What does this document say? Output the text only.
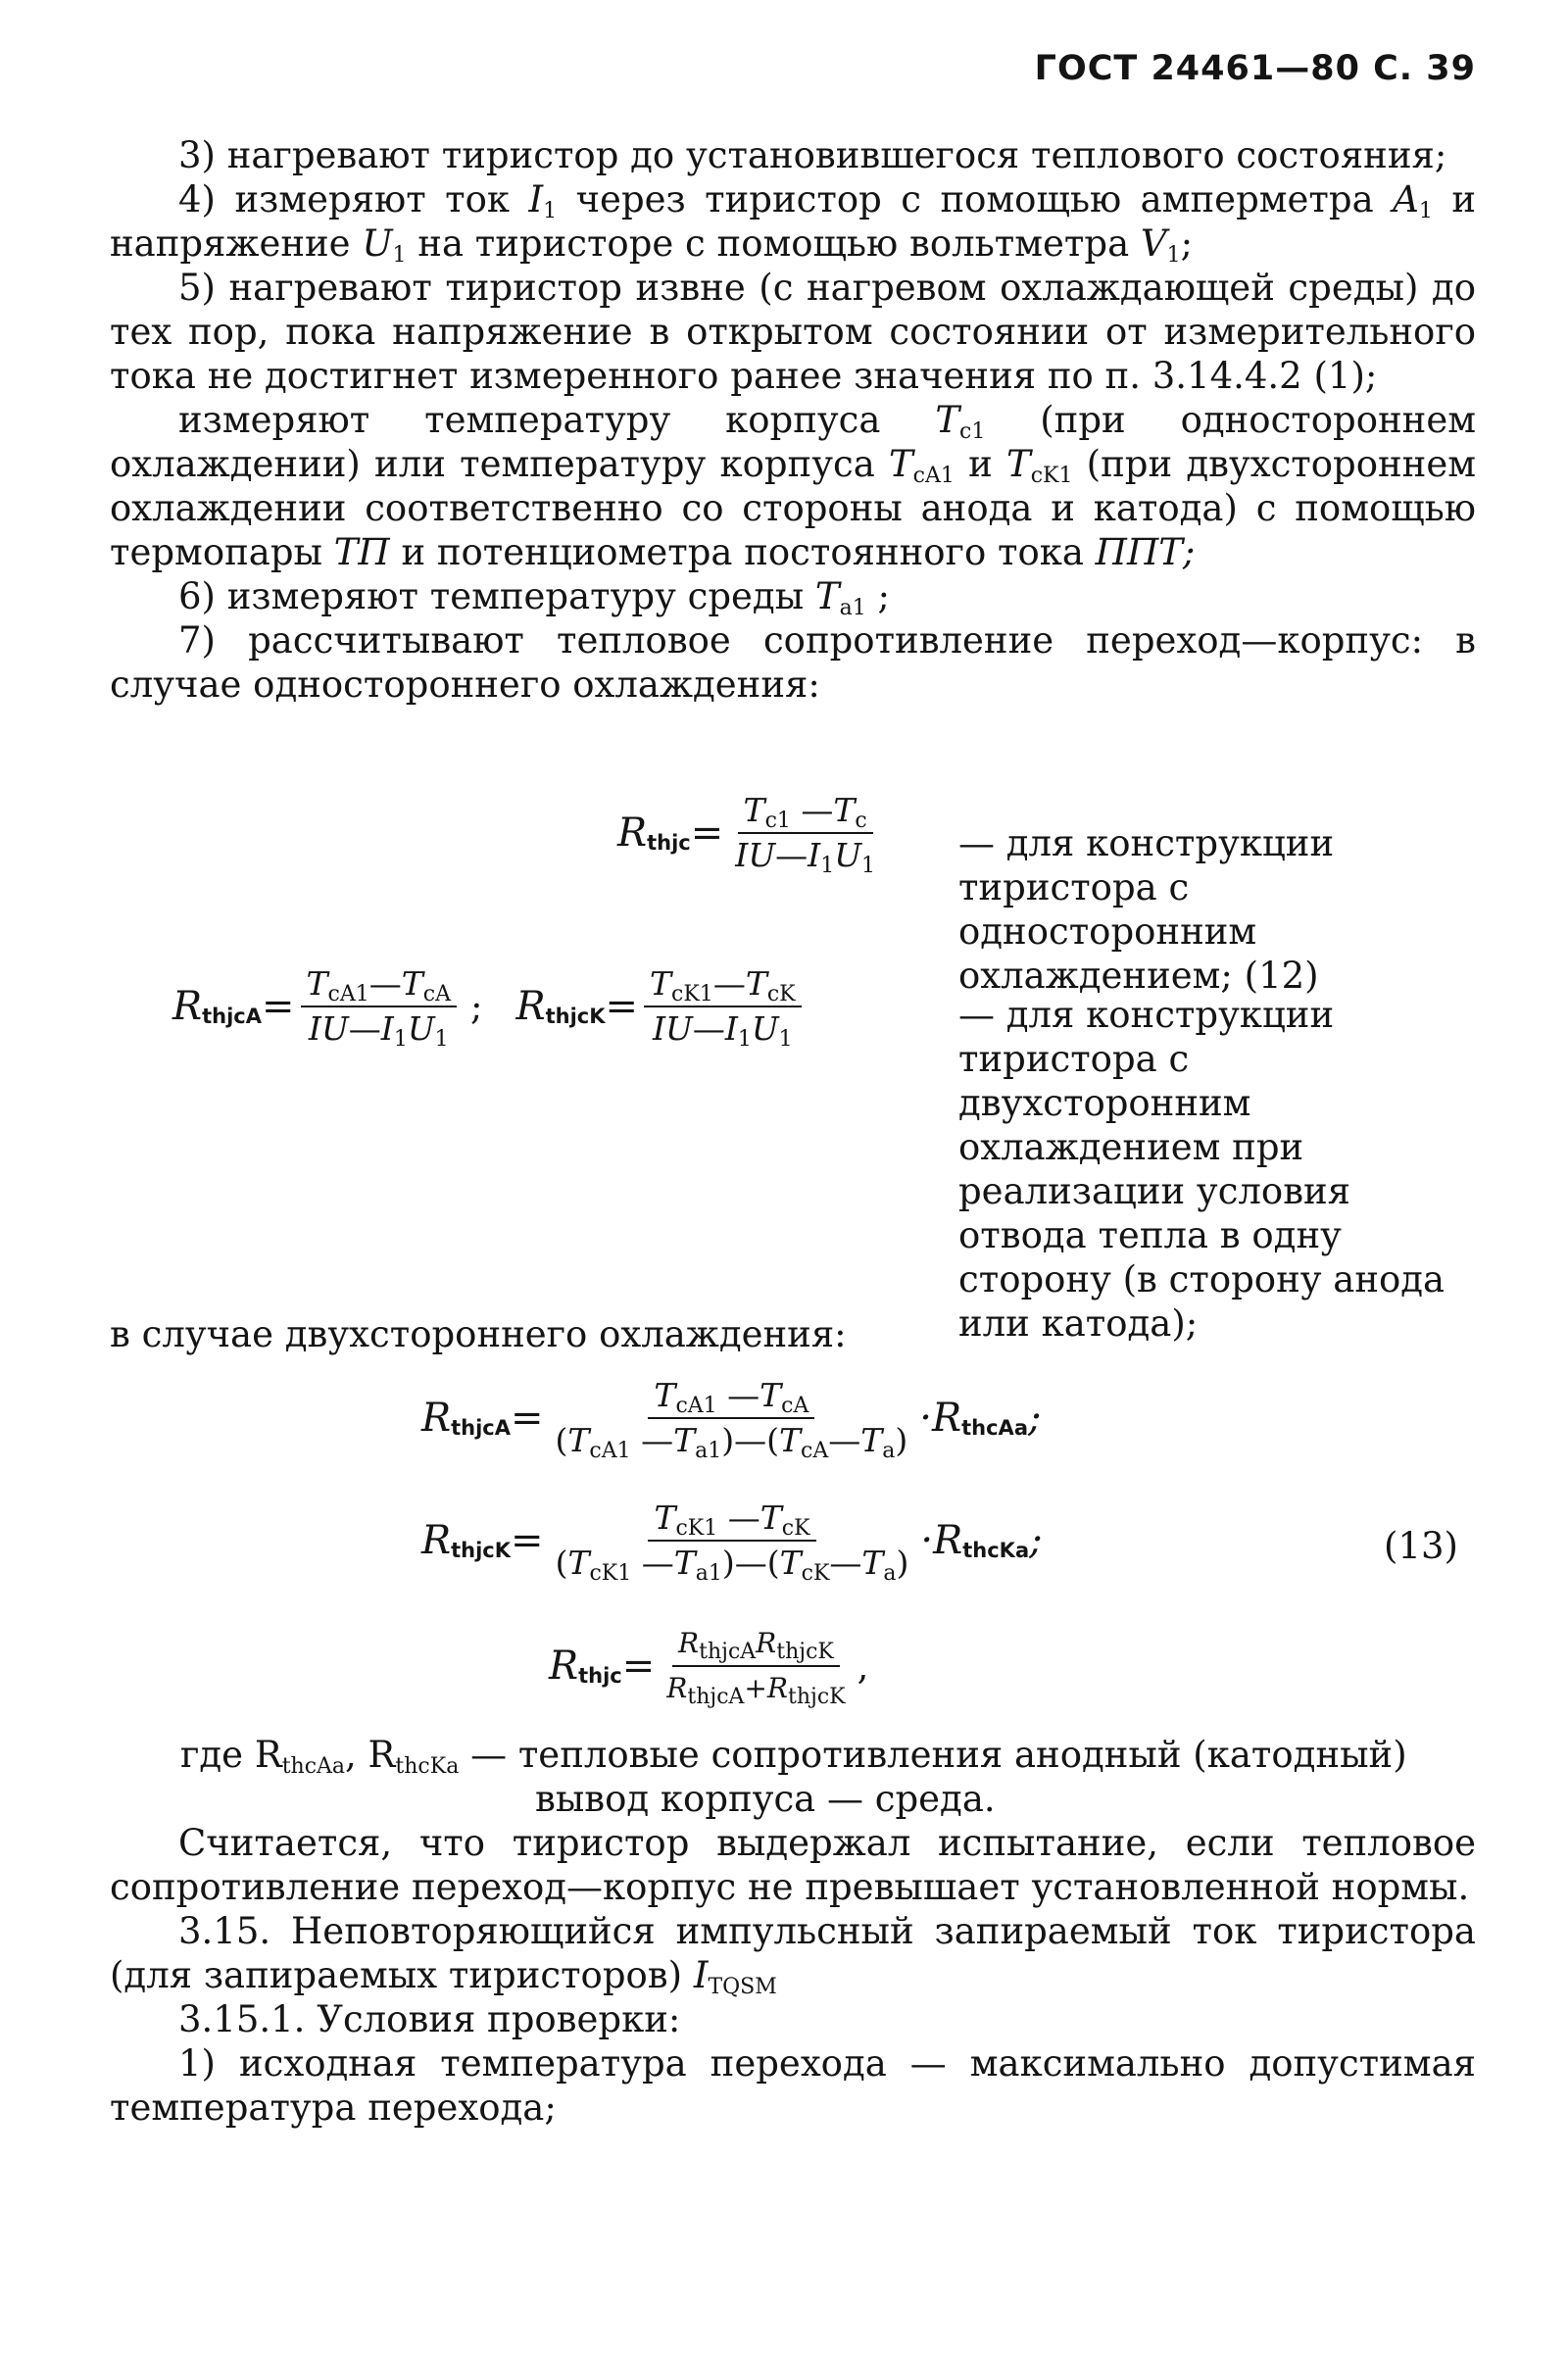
ГОСТ 24461—80 С. 39

3) нагревают тиристор до установившегося теплового состояния;

4) измеряют ток $I_1$ через тиристор с помощью амперметра $A_1$ и напряжение $U_1$ на тиристоре с помощью вольтметра $V_1$;

5) нагревают тиристор извне (с нагревом охлаждающей среды) до тех пор, пока напряжение в открытом состоянии от измерительного тока не достигнет измеренного ранее значения по п. 3.14.4.2 (1);

измеряют температуру корпуса $T_{c1}$ (при одностороннем охлаждении) или температуру корпуса $T_{cA1}$ и $T_{cK1}$ (при двухстороннем охлаждении соответственно со стороны анода и катода) с помощью термопары ТП и потенциометра постоянного тока ППТ;

6) измеряют температуру среды $T_{a1}$ ;

7) рассчитывают тепловое сопротивление переход—корпус: в случае одностороннего охлаждения:

$R_{thjc}= \frac{T_{c1} —T_c}{IU—I_1U_1}$ — для конструкции тиристора с односторонним охлаждением; (12)
$R_{thjcA}= \frac{T_{cA1}—T_{cA}}{IU—I_1U_1}$ ; $R_{thjcK}= \frac{T_{cK1}—T_{cK}}{IU—I_1U_1}$	— для конструкции тиристора с двухсторонним охлаждением при реализации условия отвода тепла в одну сторону (в сторону анода или катода);
в случае двухстороннего охлаждения:
$R_{thjcA}= \frac{T_{cA1} —T_{cA}}{(T_{cA1} —T_{a1})—(T_{cA}—T_a)} \cdot R_{thcAa}$;
$R_{thjcK}= \frac{T_{cK1} —T_{cK}}{(T_{cK1} —T_{a1})—(T_{cK}—T_a)} \cdot R_{thcKa}$;	(13)
$R_{thjc}= \frac{R_{thjcA}R_{thjcK}}{R_{thjcA}+R_{thjcK}}$ ,
где $R_{thcAa}$, $R_{thcKa}$ — тепловые сопротивления анодный (катодный)
вывод корпуса — среда.

Считается, что тиристор выдержал испытание, если тепловое сопротивление переход—корпус не превышает установленной нормы.

3.15. Неповторяющийся импульсный запираемый ток тиристора (для запираемых тиристоров) $I_{TQSM}$

3.15.1. Условия проверки:

1) исходная температура перехода — максимально допустимая температура перехода;
